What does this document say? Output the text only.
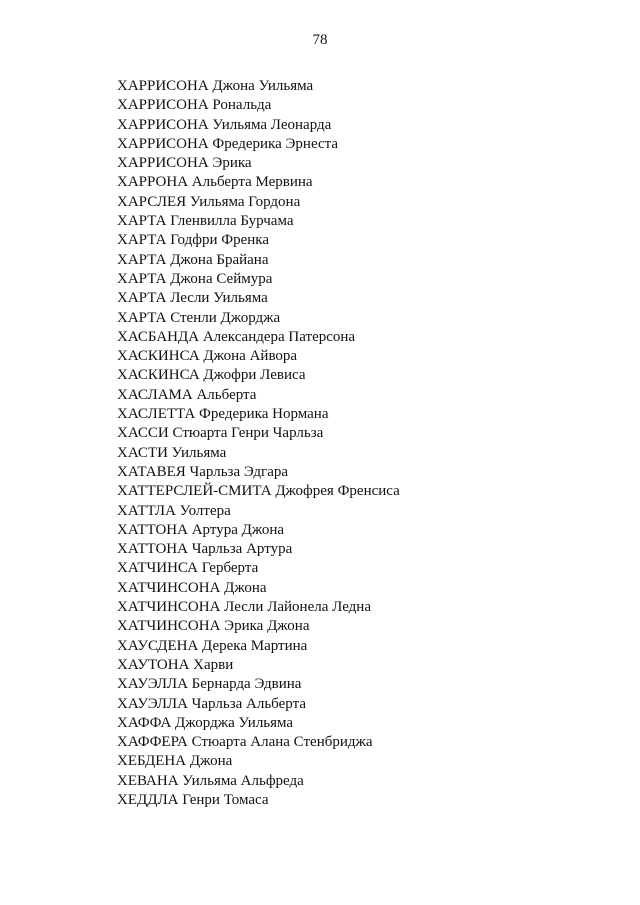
78
ХАРРИСОНА Джона Уильяма
ХАРРИСОНА Рональда
ХАРРИСОНА Уильяма Леонарда
ХАРРИСОНА Фредерика Эрнеста
ХАРРИСОНА Эрика
ХАРРОНА Альберта Мервина
ХАРСЛЕЯ Уильяма Гордона
ХАРТА Гленвилла Бурчама
ХАРТА Годфри Френка
ХАРТА Джона Брайана
ХАРТА Джона Сеймура
ХАРТА Лесли Уильяма
ХАРТА Стенли Джорджа
ХАСБАНДА Александера Патерсона
ХАСКИНСА Джона Айвора
ХАСКИНСА Джофри Левиса
ХАСЛАМА Альберта
ХАСЛЕТТА Фредерика Нормана
ХАССИ Стюарта Генри Чарльза
ХАСТИ Уильяма
ХАТАВЕЯ Чарльза Эдгара
ХАТТЕРСЛЕЙ-СМИТА Джофрея Френсиса
ХАТТЛА Уолтера
ХАТТОНА Артура Джона
ХАТТОНА Чарльза Артура
ХАТЧИНСА Герберта
ХАТЧИНСОНА Джона
ХАТЧИНСОНА Лесли Лайонела Ледна
ХАТЧИНСОНА Эрика Джона
ХАУСДЕНА Дерека Мартина
ХАУТОНА Харви
ХАУЭЛЛА Бернарда Эдвина
ХАУЭЛЛА Чарльза Альберта
ХАФФА Джорджа Уильяма
ХАФФЕРА Стюарта Алана Стенбриджа
ХЕБДЕНА Джона
ХЕВАНА Уильяма Альфреда
ХЕДДЛА Генри Томаса
